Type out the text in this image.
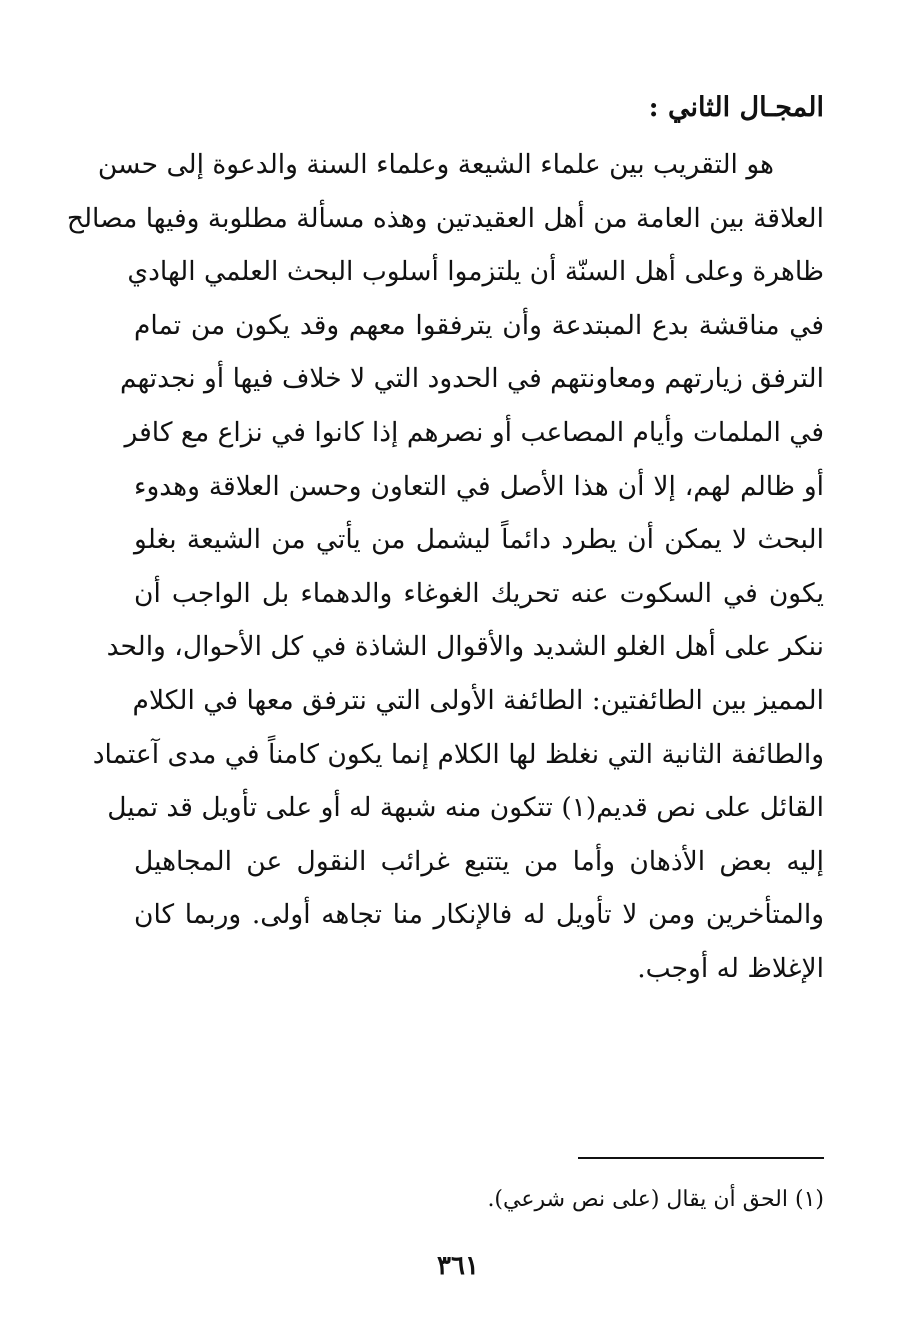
المجـال الثاني :
هو التقريب بين علماء الشيعة وعلماء السنة والدعوة إلى حسن
العلاقة بين العامة من أهل العقيدتين وهذه مسألة مطلوبة وفيها مصالح
ظاهرة وعلى أهل السنّة أن يلتزموا أسلوب البحث العلمي الهادي
في مناقشة بدع المبتدعة وأن يترفقوا معهم وقد يكون من تمام
الترفق زيارتهم ومعاونتهم في الحدود التي لا خلاف فيها أو نجدتهم
في الملمات وأيام المصاعب أو نصرهم إذا كانوا في نزاع مع كافر
أو ظالم لهم، إلا أن هذا الأصل في التعاون وحسن العلاقة وهدوء
البحث لا يمكن أن يطرد دائماً ليشمل من يأتي من الشيعة بغلو
يكون في السكوت عنه تحريك الغوغاء والدهماء بل الواجب أن
ننكر على أهل الغلو الشديد والأقوال الشاذة في كل الأحوال، والحد
المميز بين الطائفتين: الطائفة الأولى التي نترفق معها في الكلام
والطائفة الثانية التي نغلظ لها الكلام إنما يكون كامناً في مدى آعتماد
القائل على نص قديم(١) تتكون منه شبهة له أو على تأويل قد تميل
إليه بعض الأذهان وأما من يتتبع غرائب النقول عن المجاهيل
والمتأخرين ومن لا تأويل له فالإنكار منا تجاهه أولى. وربما كان
الإغلاظ له أوجب.
(١) الحق أن يقال (على نص شرعي).
٣٦١
